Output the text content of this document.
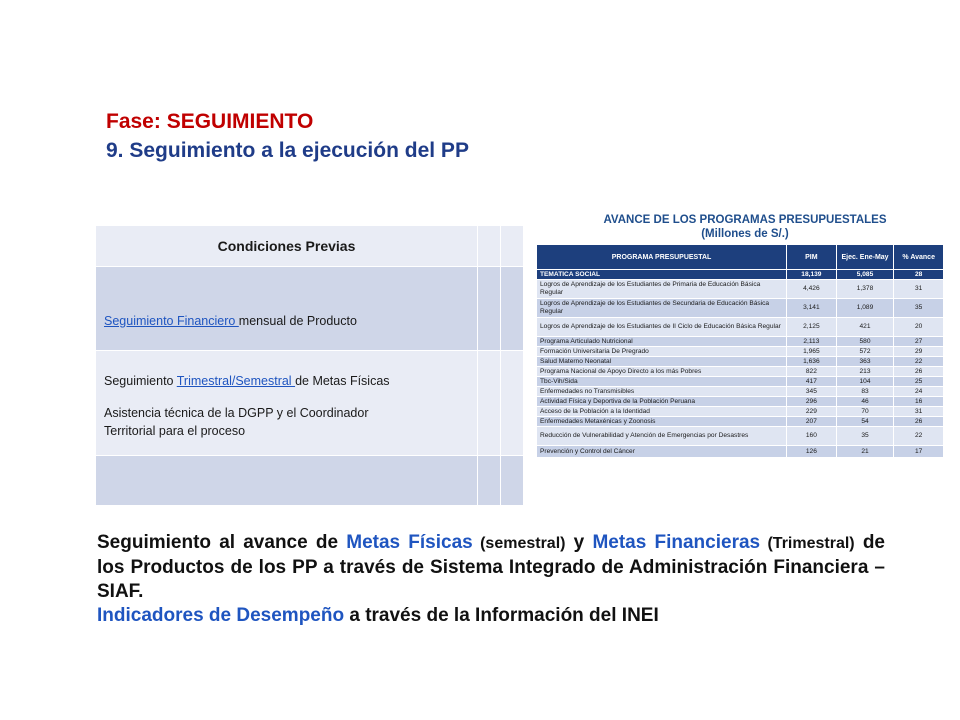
Fase: SEGUIMIENTO
9. Seguimiento a la ejecución del PP
Condiciones Previas		

Seguimiento Financiero mensual de Producto		

Seguimiento Trimestral/Semestral de Metas Físicas
Asistencia técnica de la DGPP y el Coordinador Territorial para el proceso		

AVANCE DE LOS PROGRAMAS PRESUPUESTALES
(Millones de S/.)
PROGRAMA PRESUPUESTAL	PIM	Ejec. Ene-May	% Avance
TEMATICA SOCIAL	18,139	5,085	28
Logros de Aprendizaje de los Estudiantes de Primaria de Educación Básica Regular	4,426	1,378	31
Logros de Aprendizaje de los Estudiantes de Secundaria de Educación Básica Regular	3,141	1,089	35
Logros de Aprendizaje de los Estudiantes de II Ciclo de Educación Básica Regular	2,125	421	20
Programa Articulado Nutricional	2,113	580	27
Formación Universitaria De Pregrado	1,965	572	29
Salud Materno Neonatal	1,636	363	22
Programa Nacional de Apoyo Directo a los más Pobres	822	213	26
Tbc-Vih/Sida	417	104	25
Enfermedades no Transmisibles	345	83	24
Actividad Física y Deportiva de la Población Peruana	296	46	16
Acceso de la Población a la Identidad	229	70	31
Enfermedades Metaxénicas y Zoonosis	207	54	26
Reducción de Vulnerabilidad y Atención de Emergencias por Desastres	160	35	22
Prevención y Control del Cáncer	126	21	17
Seguimiento al avance de Metas Físicas (semestral) y Metas Financieras (Trimestral) de los Productos de los PP a través de Sistema Integrado de Administración Financiera – SIAF.
Indicadores de Desempeño a través de la Información del INEI
